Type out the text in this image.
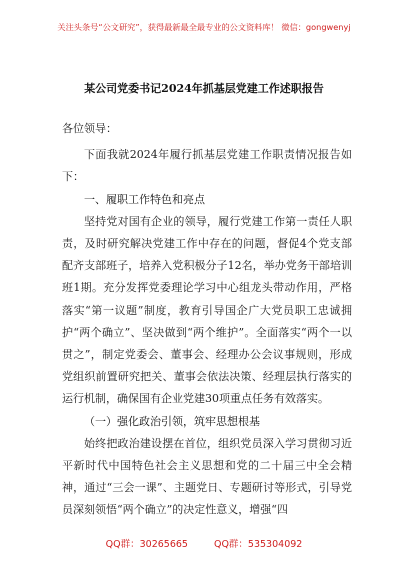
关注头条号“公文研究”，获得最新最全最专业的公文资料库！ 微信：gongwenyj
某公司党委书记2024年抓基层党建工作述职报告

各位领导：

下面我就2024年履行抓基层党建工作职责情况报告如下：

一、履职工作特色和亮点

坚持党对国有企业的领导，履行党建工作第一责任人职责，及时研究解决党建工作中存在的问题，督促4个党支部配齐支部班子，培养入党积极分子12名，举办党务干部培训班1期。充分发挥党委理论学习中心组龙头带动作用，严格落实“第一议题”制度，教育引导国企广大党员职工忠诚拥护“两个确立”、坚决做到“两个维护”。全面落实“两个一以贯之”，制定党委会、董事会、经理办公会议事规则，形成党组织前置研究把关、董事会依法决策、经理层执行落实的运行机制，确保国有企业党建30项重点任务有效落实。

（一）强化政治引领，筑牢思想根基

始终把政治建设摆在首位，组织党员深入学习贯彻习近平新时代中国特色社会主义思想和党的二十届三中全会精神，通过“三会一课”、主题党日、专题研讨等形式，引导党员深刻领悟“两个确立”的决定性意义，增强“四

QQ群：30265665	QQ群：535304092
